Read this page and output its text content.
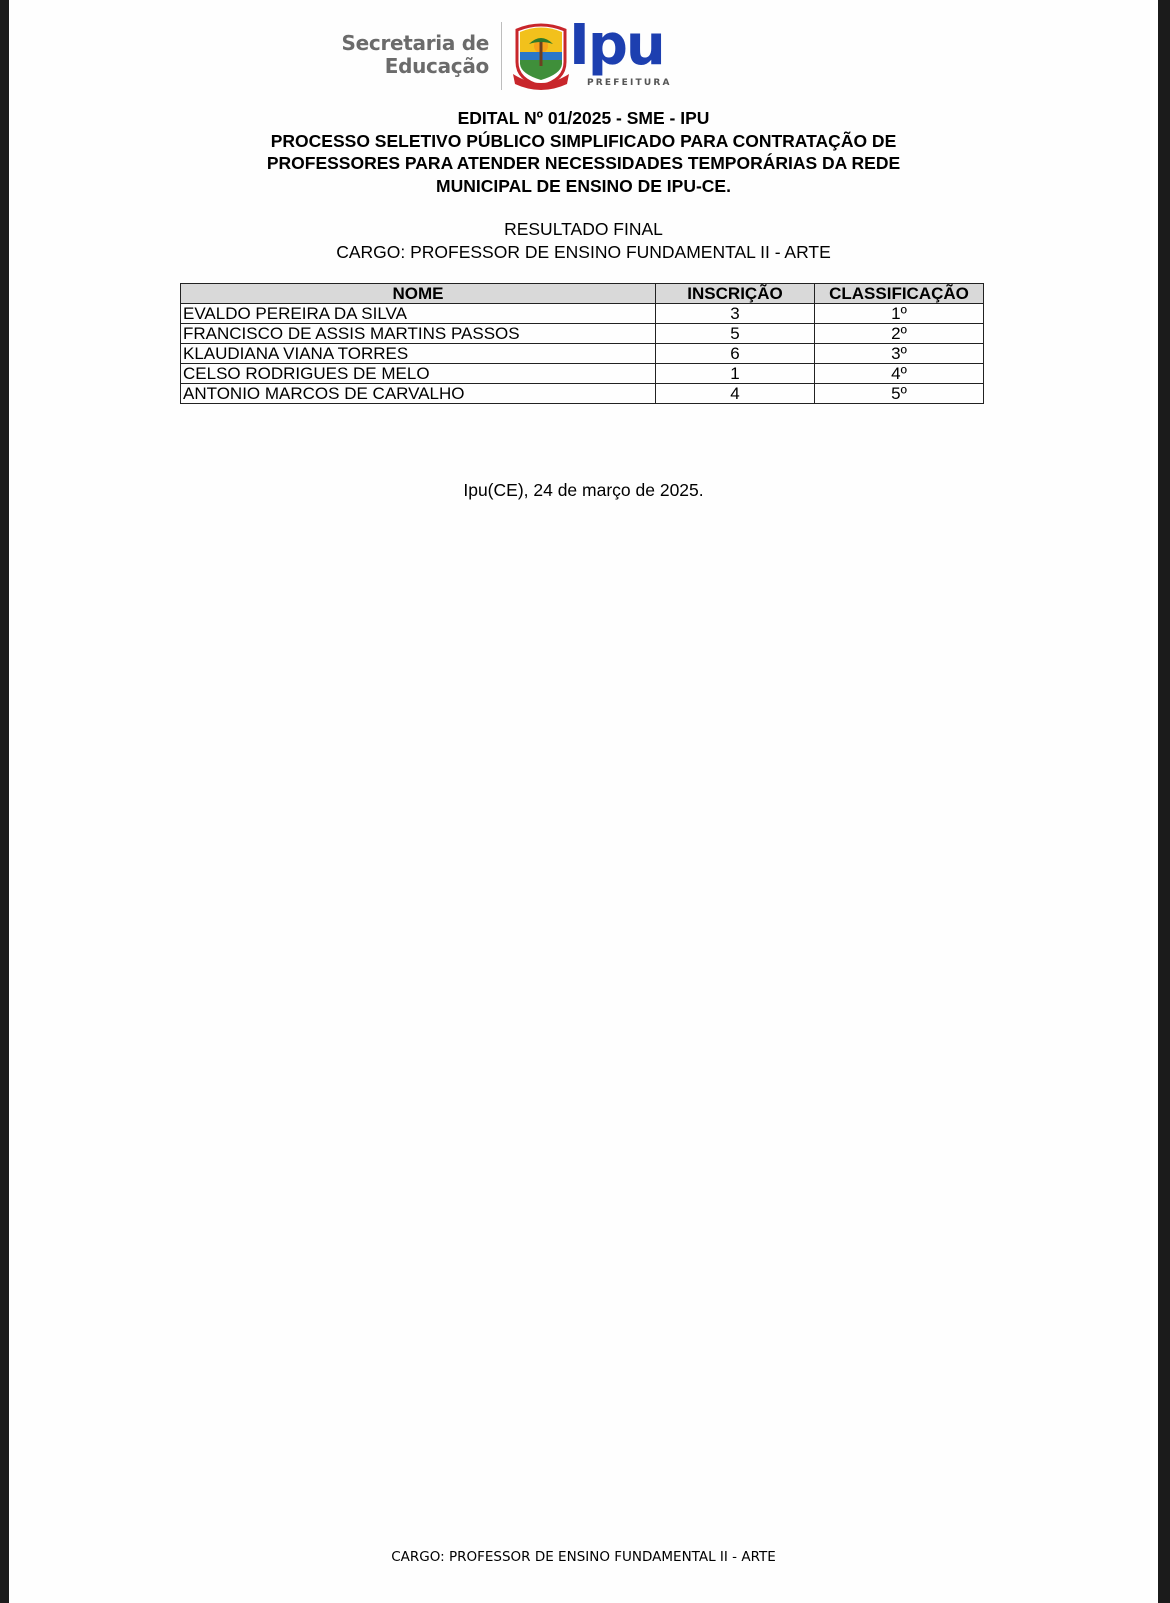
Secretaria de
Educação Ipu
PREFEITURA
EDITAL Nº 01/2025 - SME - IPU
PROCESSO SELETIVO PÚBLICO SIMPLIFICADO PARA CONTRATAÇÃO DE
PROFESSORES PARA ATENDER NECESSIDADES TEMPORÁRIAS DA REDE
MUNICIPAL DE ENSINO DE IPU-CE.
RESULTADO FINAL
CARGO: PROFESSOR DE ENSINO FUNDAMENTAL II - ARTE
NOME	INSCRIÇÃO	CLASSIFICAÇÃO
EVALDO PEREIRA DA SILVA	3	1º
FRANCISCO DE ASSIS MARTINS PASSOS	5	2º
KLAUDIANA VIANA TORRES	6	3º
CELSO RODRIGUES DE MELO	1	4º
ANTONIO MARCOS DE CARVALHO	4	5º
Ipu(CE), 24 de março de 2025.
CARGO: PROFESSOR DE ENSINO FUNDAMENTAL II - ARTE
